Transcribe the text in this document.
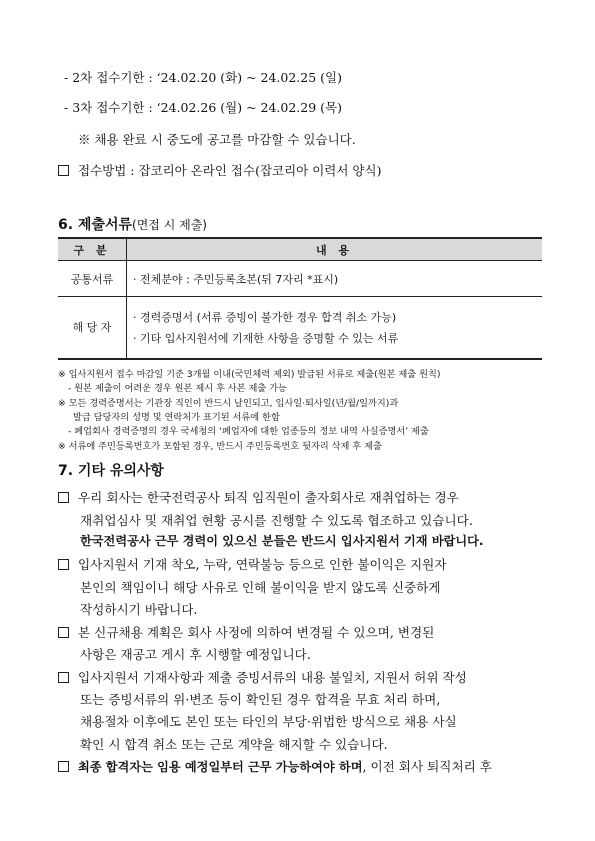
- 2차 접수기한 : ‘24.02.20 (화) ~ 24.02.25 (일)
- 3차 접수기한 : ‘24.02.26 (월) ~ 24.02.29 (목)
※ 채용 완료 시 중도에 공고를 마감할 수 있습니다.
접수방법 : 잡코리아 온라인 접수(잡코리아 이력서 양식)
6. 제출서류(면접 시 제출)
구 분	내 용
공통서류	· 전체분야 : 주민등록초본(뒤 7자리 *표시)
해 당 자	· 경력증명서 (서류 증빙이 불가한 경우 합격 취소 가능)
· 기타 입사지원서에 기재한 사항을 증명할 수 있는 서류
※ 입사지원서 접수 마감일 기준 3개월 이내(국민체력 제외) 발급된 서류로 제출(원본 제출 원칙)
- 원본 제출이 어려운 경우 원본 제시 후 사본 제출 가능
※ 모든 경력증명서는 기관장 직인이 반드시 날인되고, 입사일·퇴사일(년/월/일까지)과
발급 담당자의 성명 및 연락처가 표기된 서류에 한함
- 폐업회사 경력증명의 경우 국세청의 ‘폐업자에 대한 업종등의 정보 내역 사실증명서’ 제출
※ 서류에 주민등록번호가 포함된 경우, 반드시 주민등록번호 뒷자리 삭제 후 제출
7. 기타 유의사항
우리 회사는 한국전력공사 퇴직 임직원이 출자회사로 재취업하는 경우
재취업심사 및 재취업 현황 공시를 진행할 수 있도록 협조하고 있습니다.
한국전력공사 근무 경력이 있으신 분들은 반드시 입사지원서 기재 바랍니다.
입사지원서 기재 착오, 누락, 연락불능 등으로 인한 불이익은 지원자
본인의 책임이니 해당 사유로 인해 불이익을 받지 않도록 신중하게
작성하시기 바랍니다.
본 신규채용 계획은 회사 사정에 의하여 변경될 수 있으며, 변경된
사항은 재공고 게시 후 시행할 예정입니다.
입사지원서 기재사항과 제출 증빙서류의 내용 불일치, 지원서 허위 작성
또는 증빙서류의 위·변조 등이 확인된 경우 합격을 무효 처리 하며,
채용절차 이후에도 본인 또는 타인의 부당·위법한 방식으로 채용 사실
확인 시 합격 취소 또는 근로 계약을 해지할 수 있습니다.
최종 합격자는 임용 예정일부터 근무 가능하여야 하며, 이전 회사 퇴직처리 후
